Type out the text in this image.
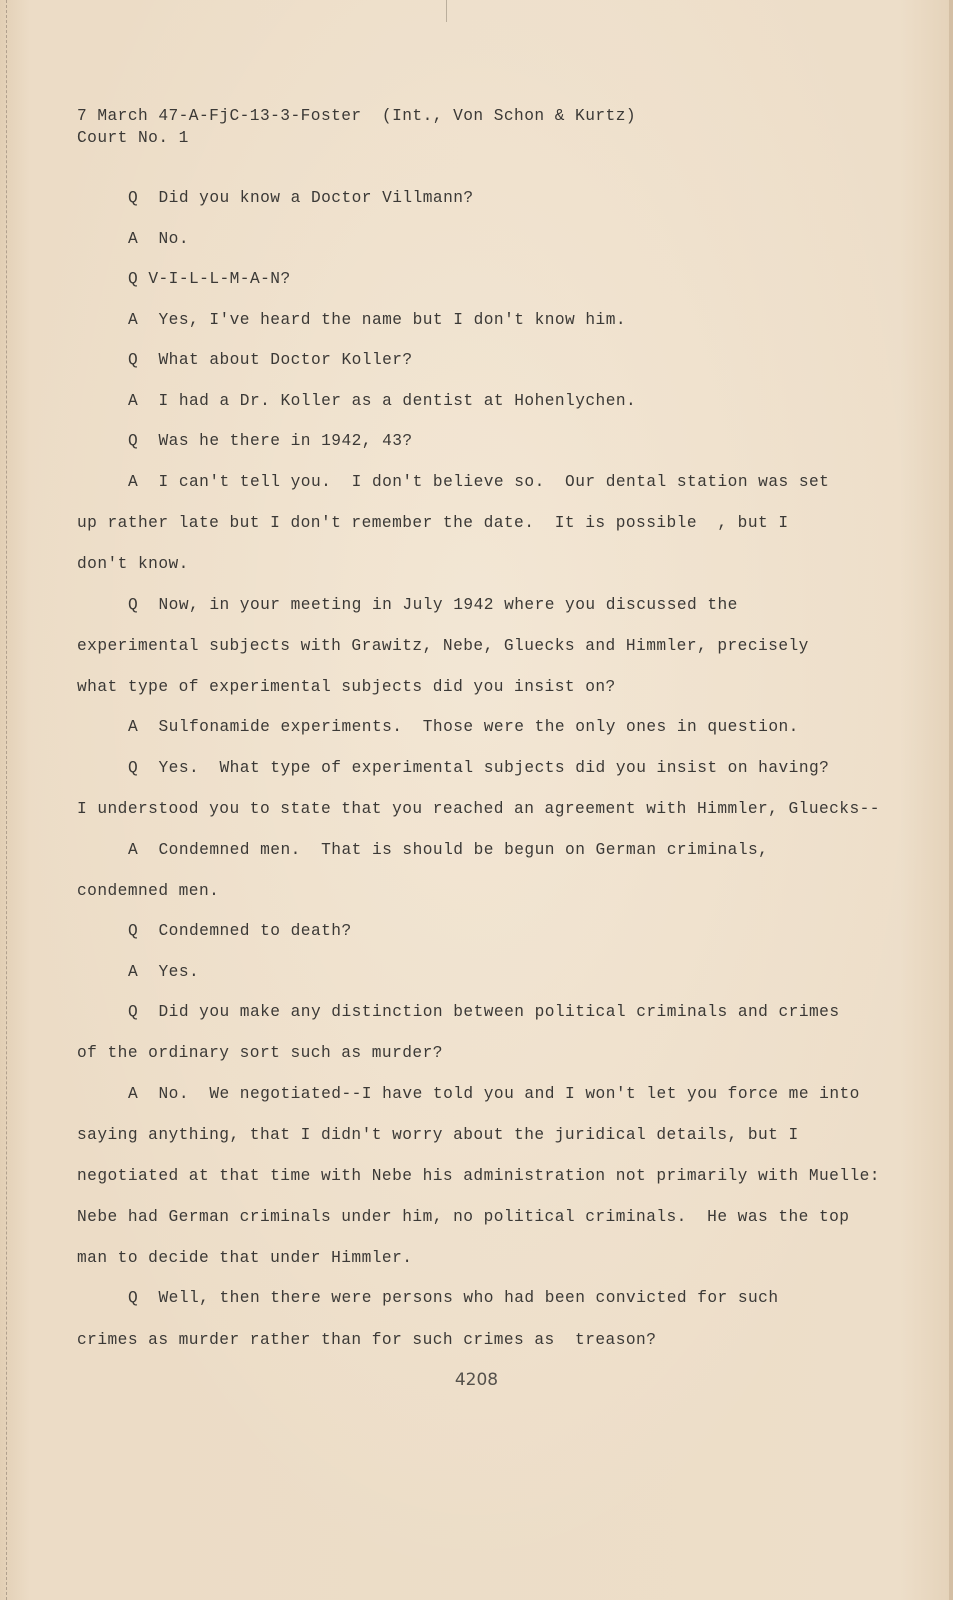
7 March 47-A-FjC-13-3-Foster  (Int., Von Schon & Kurtz)
Court No. 1
Q  Did you know a Doctor Villmann?
A  No.
Q V-I-L-L-M-A-N?
A  Yes, I've heard the name but I don't know him.
Q  What about Doctor Koller?
A  I had a Dr. Koller as a dentist at Hohenlychen.
Q  Was he there in 1942, 43?
A  I can't tell you.  I don't believe so.  Our dental station was set
up rather late but I don't remember the date.  It is possible  , but I
don't know.
Q  Now, in your meeting in July 1942 where you discussed the
experimental subjects with Grawitz, Nebe, Gluecks and Himmler, precisely
what type of experimental subjects did you insist on?
A  Sulfonamide experiments.  Those were the only ones in question.
Q  Yes.  What type of experimental subjects did you insist on having?
I understood you to state that you reached an agreement with Himmler, Gluecks--
A  Condemned men.  That is should be begun on German criminals,
condemned men.
Q  Condemned to death?
A  Yes.
Q  Did you make any distinction between political criminals and crimes
of the ordinary sort such as murder?
A  No.  We negotiated--I have told you and I won't let you force me into
saying anything, that I didn't worry about the juridical details, but I
negotiated at that time with Nebe his administration not primarily with Muelle:
Nebe had German criminals under him, no political criminals.  He was the top
man to decide that under Himmler.
Q  Well, then there were persons who had been convicted for such
crimes as murder rather than for such crimes as  treason?
4208
